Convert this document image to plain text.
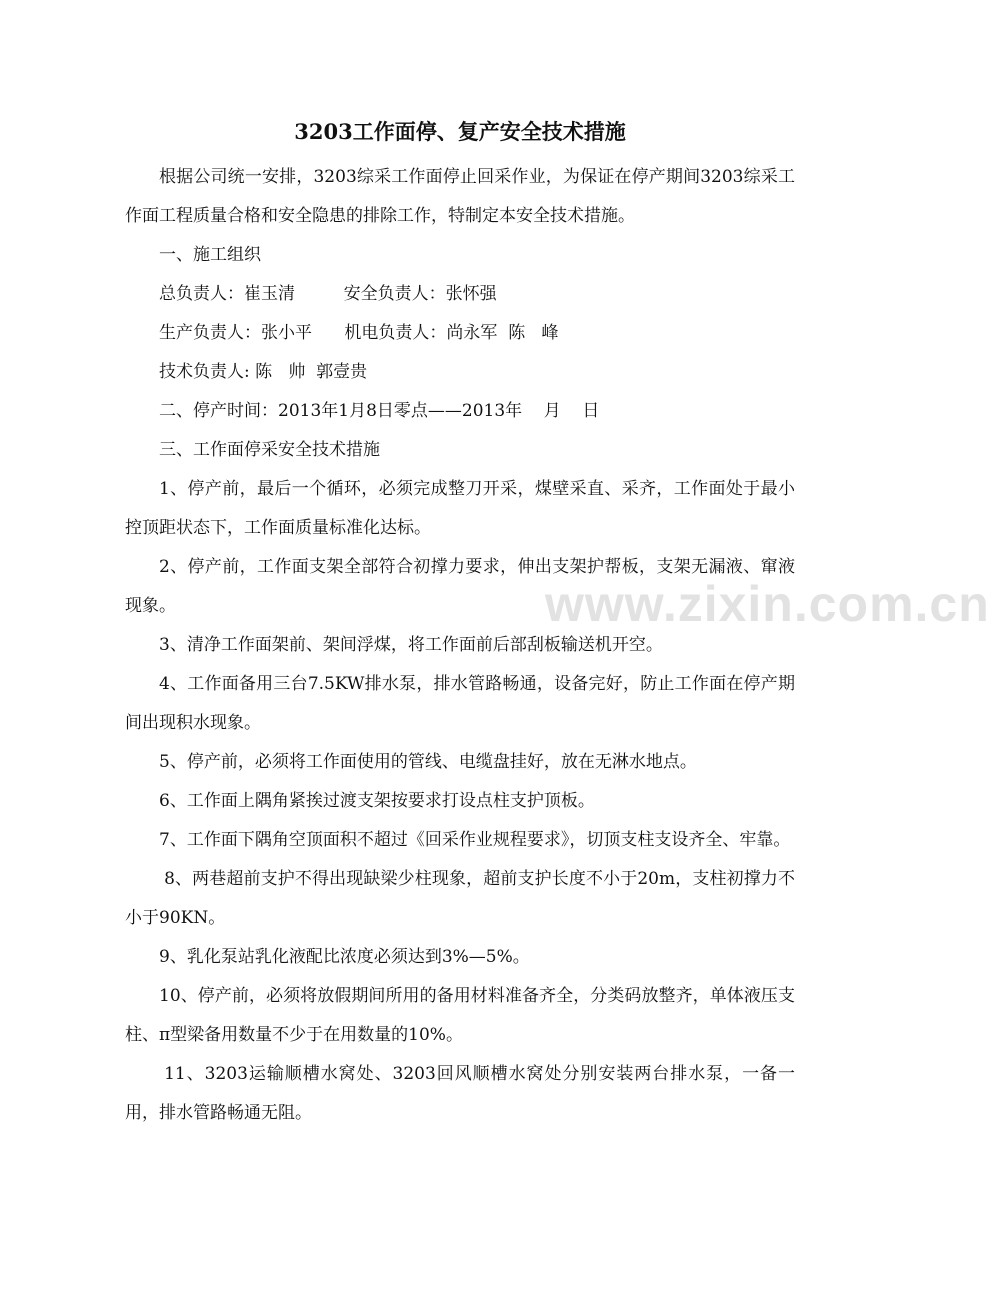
www.zixin.com.cn
3203工作面停、复产安全技术措施

根据公司统一安排，3203综采工作面停止回采作业，为保证在停产期间3203综采工作面工程质量合格和安全隐患的排除工作，特制定本安全技术措施。

一、施工组织

总负责人：崔玉清         安全负责人：张怀强

生产负责人：张小平      机电负责人：尚永军  陈   峰

技术负责人: 陈   帅  郭壹贵

二、停产时间：2013年1月8日零点——2013年    月    日

三、工作面停采安全技术措施

1、停产前，最后一个循环，必须完成整刀开采，煤壁采直、采齐，工作面处于最小控顶距状态下，工作面质量标准化达标。

2、停产前，工作面支架全部符合初撑力要求，伸出支架护帮板，支架无漏液、窜液现象。

3、清净工作面架前、架间浮煤，将工作面前后部刮板输送机开空。

4、工作面备用三台7.5KW排水泵，排水管路畅通，设备完好，防止工作面在停产期间出现积水现象。

5、停产前，必须将工作面使用的管线、电缆盘挂好，放在无淋水地点。

6、工作面上隅角紧挨过渡支架按要求打设点柱支护顶板。

7、工作面下隅角空顶面积不超过《回采作业规程要求》，切顶支柱支设齐全、牢靠。

8、两巷超前支护不得出现缺梁少柱现象，超前支护长度不小于20m，支柱初撑力不小于90KN。

9、乳化泵站乳化液配比浓度必须达到3%—5%。

10、停产前，必须将放假期间所用的备用材料准备齐全，分类码放整齐，单体液压支柱、π型梁备用数量不少于在用数量的10%。

11、3203运输顺槽水窝处、3203回风顺槽水窝处分别安装两台排水泵，一备一用，排水管路畅通无阻。
